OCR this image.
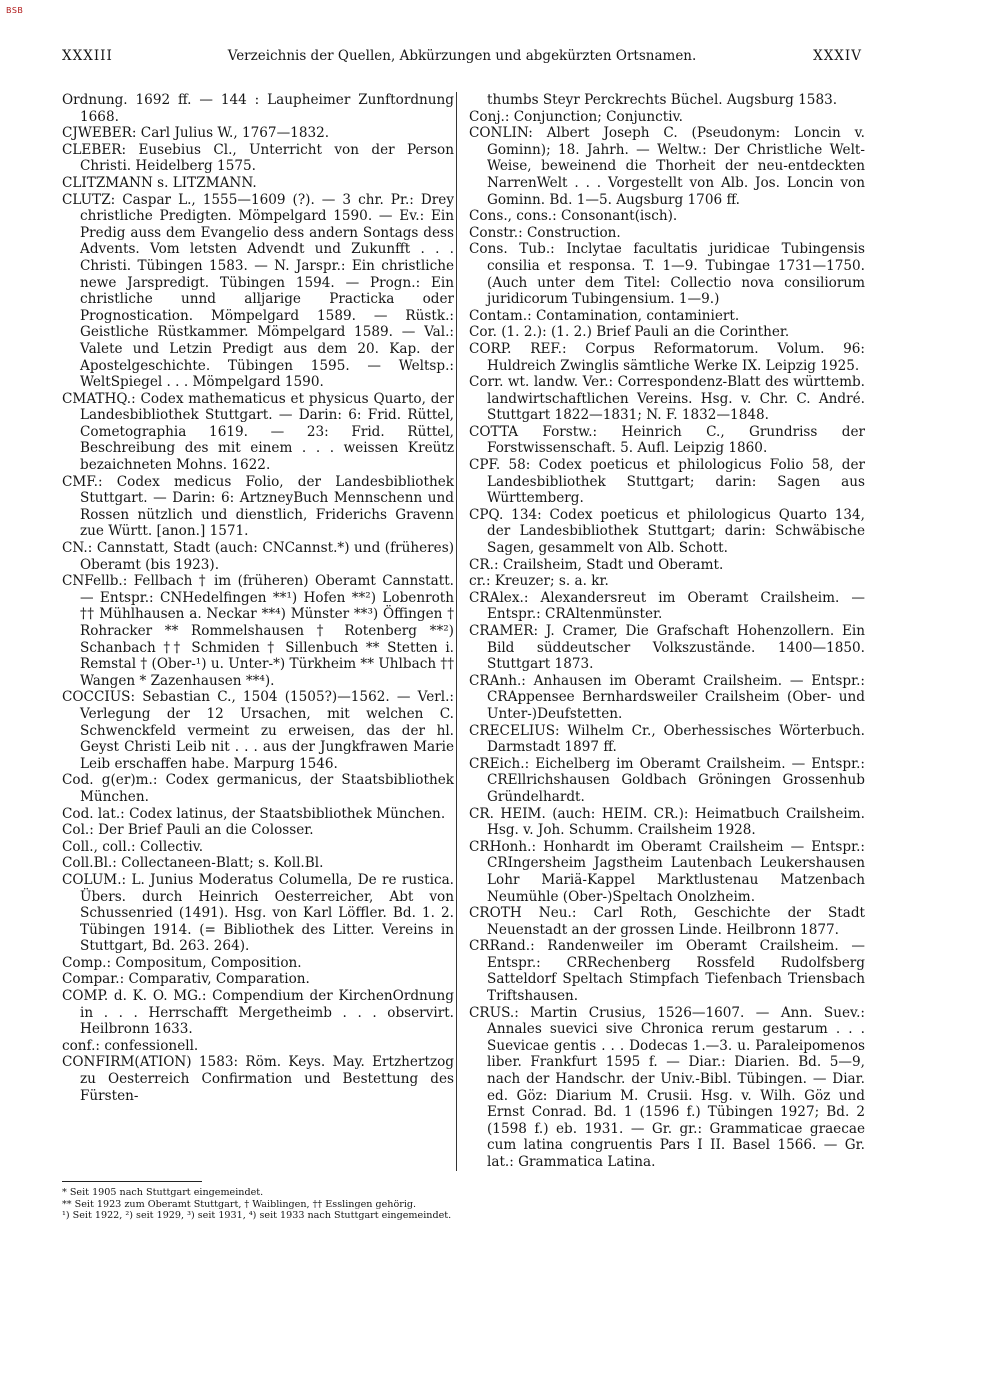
BSB
XXXIII	Verzeichnis der Quellen, Abkürzungen und abgekürzten Ortsnamen.	XXXIV

Ordnung. 1692 ff. — 144 : Laupheimer Zunftordnung 1668.

CJWEBER: Carl Julius W., 1767—1832.

CLEBER: Eusebius Cl., Unterricht von der Person Christi. Heidelberg 1575.

CLITZMANN s. LITZMANN.

CLUTZ: Caspar L., 1555—1609 (?). — 3 chr. Pr.: Drey christliche Predigten. Mömpelgard 1590. — Ev.: Ein Predig auss dem Evangelio dess andern Sontags dess Advents. Vom letsten Advendt und Zukunfft . . . Christi. Tübingen 1583. — N. Jarspr.: Ein christliche newe Jarspredigt. Tübingen 1594. — Progn.: Ein christliche unnd alljarige Practicka oder Prognostication. Mömpelgard 1589. — Rüstk.: Geistliche Rüstkammer. Mömpelgard 1589. — Val.: Valete und Letzin Predigt aus dem 20. Kap. der Apostelgeschichte. Tübingen 1595. — Weltsp.: WeltSpiegel . . . Mömpelgard 1590.

CMATHQ.: Codex mathematicus et physicus Quarto, der Landesbibliothek Stuttgart. — Darin: 6: Frid. Rüttel, Cometographia 1619. — 23: Frid. Rüttel, Beschreibung des mit einem . . . weissen Kreütz bezaichneten Mohns. 1622.

CMF.: Codex medicus Folio, der Landesbibliothek Stuttgart. — Darin: 6: ArtzneyBuch Mennschenn und Rossen nützlich und dienstlich, Friderichs Gravenn zue Württ. [anon.] 1571.

CN.: Cannstatt, Stadt (auch: CNCannst.*) und (früheres) Oberamt (bis 1923).

CNFellb.: Fellbach † im (früheren) Oberamt Cannstatt. — Entspr.: CNHedelfingen **¹) Hofen **²) Lobenroth †† Mühlhausen a. Neckar **⁴) Münster **³) Öffingen † Rohracker ** Rommelshausen † Rotenberg **²) Schanbach †† Schmiden † Sillenbuch ** Stetten i. Remstal † (Ober-¹) u. Unter-*) Türkheim ** Uhlbach †† Wangen * Zazenhausen **⁴).

COCCIUS: Sebastian C., 1504 (1505?)—1562. — Verl.: Verlegung der 12 Ursachen, mit welchen C. Schwenckfeld vermeint zu erweisen, das der hl. Geyst Christi Leib nit . . . aus der Jungkfrawen Marie Leib erschaffen habe. Marpurg 1546.

Cod. g(er)m.: Codex germanicus, der Staatsbibliothek München.

Cod. lat.: Codex latinus, der Staatsbibliothek München.

Col.: Der Brief Pauli an die Colosser.

Coll., coll.: Collectiv.

Coll.Bl.: Collectaneen-Blatt; s. Koll.Bl.

COLUM.: L. Junius Moderatus Columella, De re rustica. Übers. durch Heinrich Oesterreicher, Abt von Schussenried (1491). Hsg. von Karl Löffler. Bd. 1. 2. Tübingen 1914. (= Bibliothek des Litter. Vereins in Stuttgart, Bd. 263. 264).

Comp.: Compositum, Composition.

Compar.: Comparativ, Comparation.

COMP. d. K. O. MG.: Compendium der KirchenOrdnung in . . . Herrschafft Mergetheimb . . . observirt. Heilbronn 1633.

conf.: confessionell.

CONFIRM(ATION) 1583: Röm. Keys. May. Ertzhertzog zu Oesterreich Confirmation und Bestettung des Fürsten-

thumbs Steyr Perckrechts Büchel. Augsburg 1583.

Conj.: Conjunction; Conjunctiv.

CONLIN: Albert Joseph C. (Pseudonym: Loncin v. Gominn); 18. Jahrh. — Weltw.: Der Christliche Welt-Weise, beweinend die Thorheit der neu-entdeckten NarrenWelt . . . Vorgestellt von Alb. Jos. Loncin von Gominn. Bd. 1—5. Augsburg 1706 ff.

Cons., cons.: Consonant(isch).

Constr.: Construction.

Cons. Tub.: Inclytae facultatis juridicae Tubingensis consilia et responsa. T. 1—9. Tubingae 1731—1750. (Auch unter dem Titel: Collectio nova consiliorum juridicorum Tubingensium. 1—9.)

Contam.: Contamination, contaminiert.

Cor. (1. 2.): (1. 2.) Brief Pauli an die Corinther.

CORP. REF.: Corpus Reformatorum. Volum. 96: Huldreich Zwinglis sämtliche Werke IX. Leipzig 1925.

Corr. wt. landw. Ver.: Correspondenz-Blatt des württemb. landwirtschaftlichen Vereins. Hsg. v. Chr. C. André. Stuttgart 1822—1831; N. F. 1832—1848.

COTTA Forstw.: Heinrich C., Grundriss der Forstwissenschaft. 5. Aufl. Leipzig 1860.

CPF. 58: Codex poeticus et philologicus Folio 58, der Landesbibliothek Stuttgart; darin: Sagen aus Württemberg.

CPQ. 134: Codex poeticus et philologicus Quarto 134, der Landesbibliothek Stuttgart; darin: Schwäbische Sagen, gesammelt von Alb. Schott.

CR.: Crailsheim, Stadt und Oberamt.

cr.: Kreuzer; s. a. kr.

CRAlex.: Alexandersreut im Oberamt Crailsheim. — Entspr.: CRAltenmünster.

CRAMER: J. Cramer, Die Grafschaft Hohenzollern. Ein Bild süddeutscher Volkszustände. 1400—1850. Stuttgart 1873.

CRAnh.: Anhausen im Oberamt Crailsheim. — Entspr.: CRAppensee Bernhardsweiler Crailsheim (Ober- und Unter-)Deufstetten.

CRECELIUS: Wilhelm Cr., Oberhessisches Wörterbuch. Darmstadt 1897 ff.

CREich.: Eichelberg im Oberamt Crailsheim. — Entspr.: CREllrichshausen Goldbach Gröningen Grossenhub Gründelhardt.

CR. HEIM. (auch: HEIM. CR.): Heimatbuch Crailsheim. Hsg. v. Joh. Schumm. Crailsheim 1928.

CRHonh.: Honhardt im Oberamt Crailsheim — Entspr.: CRIngersheim Jagstheim Lautenbach Leukershausen Lohr Mariä-Kappel Marktlustenau Matzenbach Neumühle (Ober-)Speltach Onolzheim.

CROTH Neu.: Carl Roth, Geschichte der Stadt Neuenstadt an der grossen Linde. Heilbronn 1877.

CRRand.: Randenweiler im Oberamt Crailsheim. — Entspr.: CRRechenberg Rossfeld Rudolfsberg Satteldorf Speltach Stimpfach Tiefenbach Triensbach Triftshausen.

CRUS.: Martin Crusius, 1526—1607. — Ann. Suev.: Annales suevici sive Chronica rerum gestarum . . . Suevicae gentis . . . Dodecas 1.—3. u. Paraleipomenos liber. Frankfurt 1595 f. — Diar.: Diarien. Bd. 5—9, nach der Handschr. der Univ.-Bibl. Tübingen. — Diar. ed. Göz: Diarium M. Crusii. Hsg. v. Wilh. Göz und Ernst Conrad. Bd. 1 (1596 f.) Tübingen 1927; Bd. 2 (1598 f.) eb. 1931. — Gr. gr.: Grammaticae graecae cum latina congruentis Pars I II. Basel 1566. — Gr. lat.: Grammatica Latina.

* Seit 1905 nach Stuttgart eingemeindet.

** Seit 1923 zum Oberamt Stuttgart, † Waiblingen, †† Esslingen gehörig.

¹) Seit 1922, ²) seit 1929, ³) seit 1931, ⁴) seit 1933 nach Stuttgart eingemeindet.
